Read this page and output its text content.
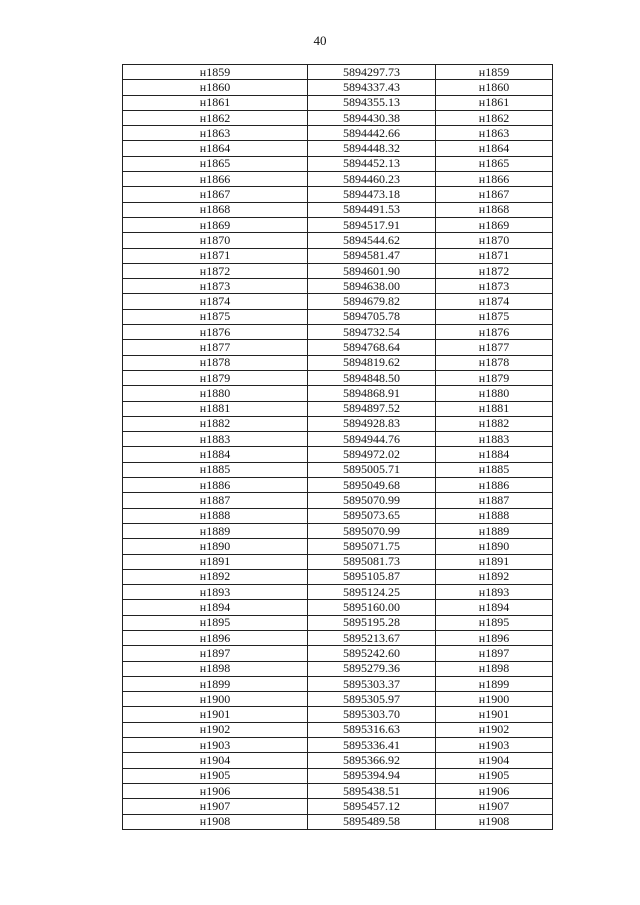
40
н1859	5894297.73	н1859
н1860	5894337.43	н1860
н1861	5894355.13	н1861
н1862	5894430.38	н1862
н1863	5894442.66	н1863
н1864	5894448.32	н1864
н1865	5894452.13	н1865
н1866	5894460.23	н1866
н1867	5894473.18	н1867
н1868	5894491.53	н1868
н1869	5894517.91	н1869
н1870	5894544.62	н1870
н1871	5894581.47	н1871
н1872	5894601.90	н1872
н1873	5894638.00	н1873
н1874	5894679.82	н1874
н1875	5894705.78	н1875
н1876	5894732.54	н1876
н1877	5894768.64	н1877
н1878	5894819.62	н1878
н1879	5894848.50	н1879
н1880	5894868.91	н1880
н1881	5894897.52	н1881
н1882	5894928.83	н1882
н1883	5894944.76	н1883
н1884	5894972.02	н1884
н1885	5895005.71	н1885
н1886	5895049.68	н1886
н1887	5895070.99	н1887
н1888	5895073.65	н1888
н1889	5895070.99	н1889
н1890	5895071.75	н1890
н1891	5895081.73	н1891
н1892	5895105.87	н1892
н1893	5895124.25	н1893
н1894	5895160.00	н1894
н1895	5895195.28	н1895
н1896	5895213.67	н1896
н1897	5895242.60	н1897
н1898	5895279.36	н1898
н1899	5895303.37	н1899
н1900	5895305.97	н1900
н1901	5895303.70	н1901
н1902	5895316.63	н1902
н1903	5895336.41	н1903
н1904	5895366.92	н1904
н1905	5895394.94	н1905
н1906	5895438.51	н1906
н1907	5895457.12	н1907
н1908	5895489.58	н1908
